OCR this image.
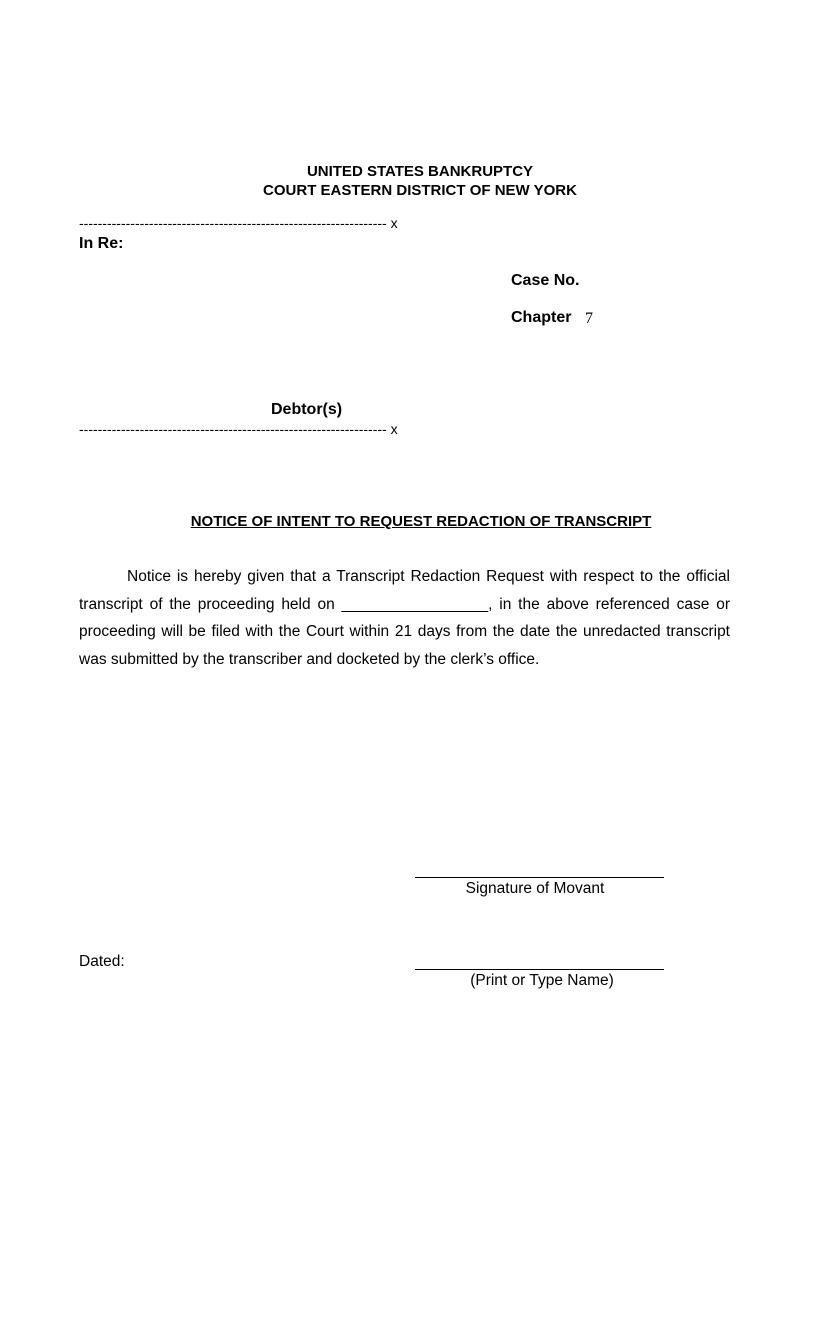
UNITED STATES BANKRUPTCY
COURT EASTERN DISTRICT OF NEW YORK
------------------------------------------------------------------ x
In Re:
Case No.
Chapter 7
Debtor(s)
------------------------------------------------------------------ x
NOTICE OF INTENT TO REQUEST REDACTION OF TRANSCRIPT

Notice is hereby given that a Transcript Redaction Request with respect to the official transcript of the proceeding held on _________________, in the above referenced case or proceeding will be filed with the Court within 21 days from the date the unredacted transcript was submitted by the transcriber and docketed by the clerk’s office.

Signature of Movant
Dated:
(Print or Type Name)
